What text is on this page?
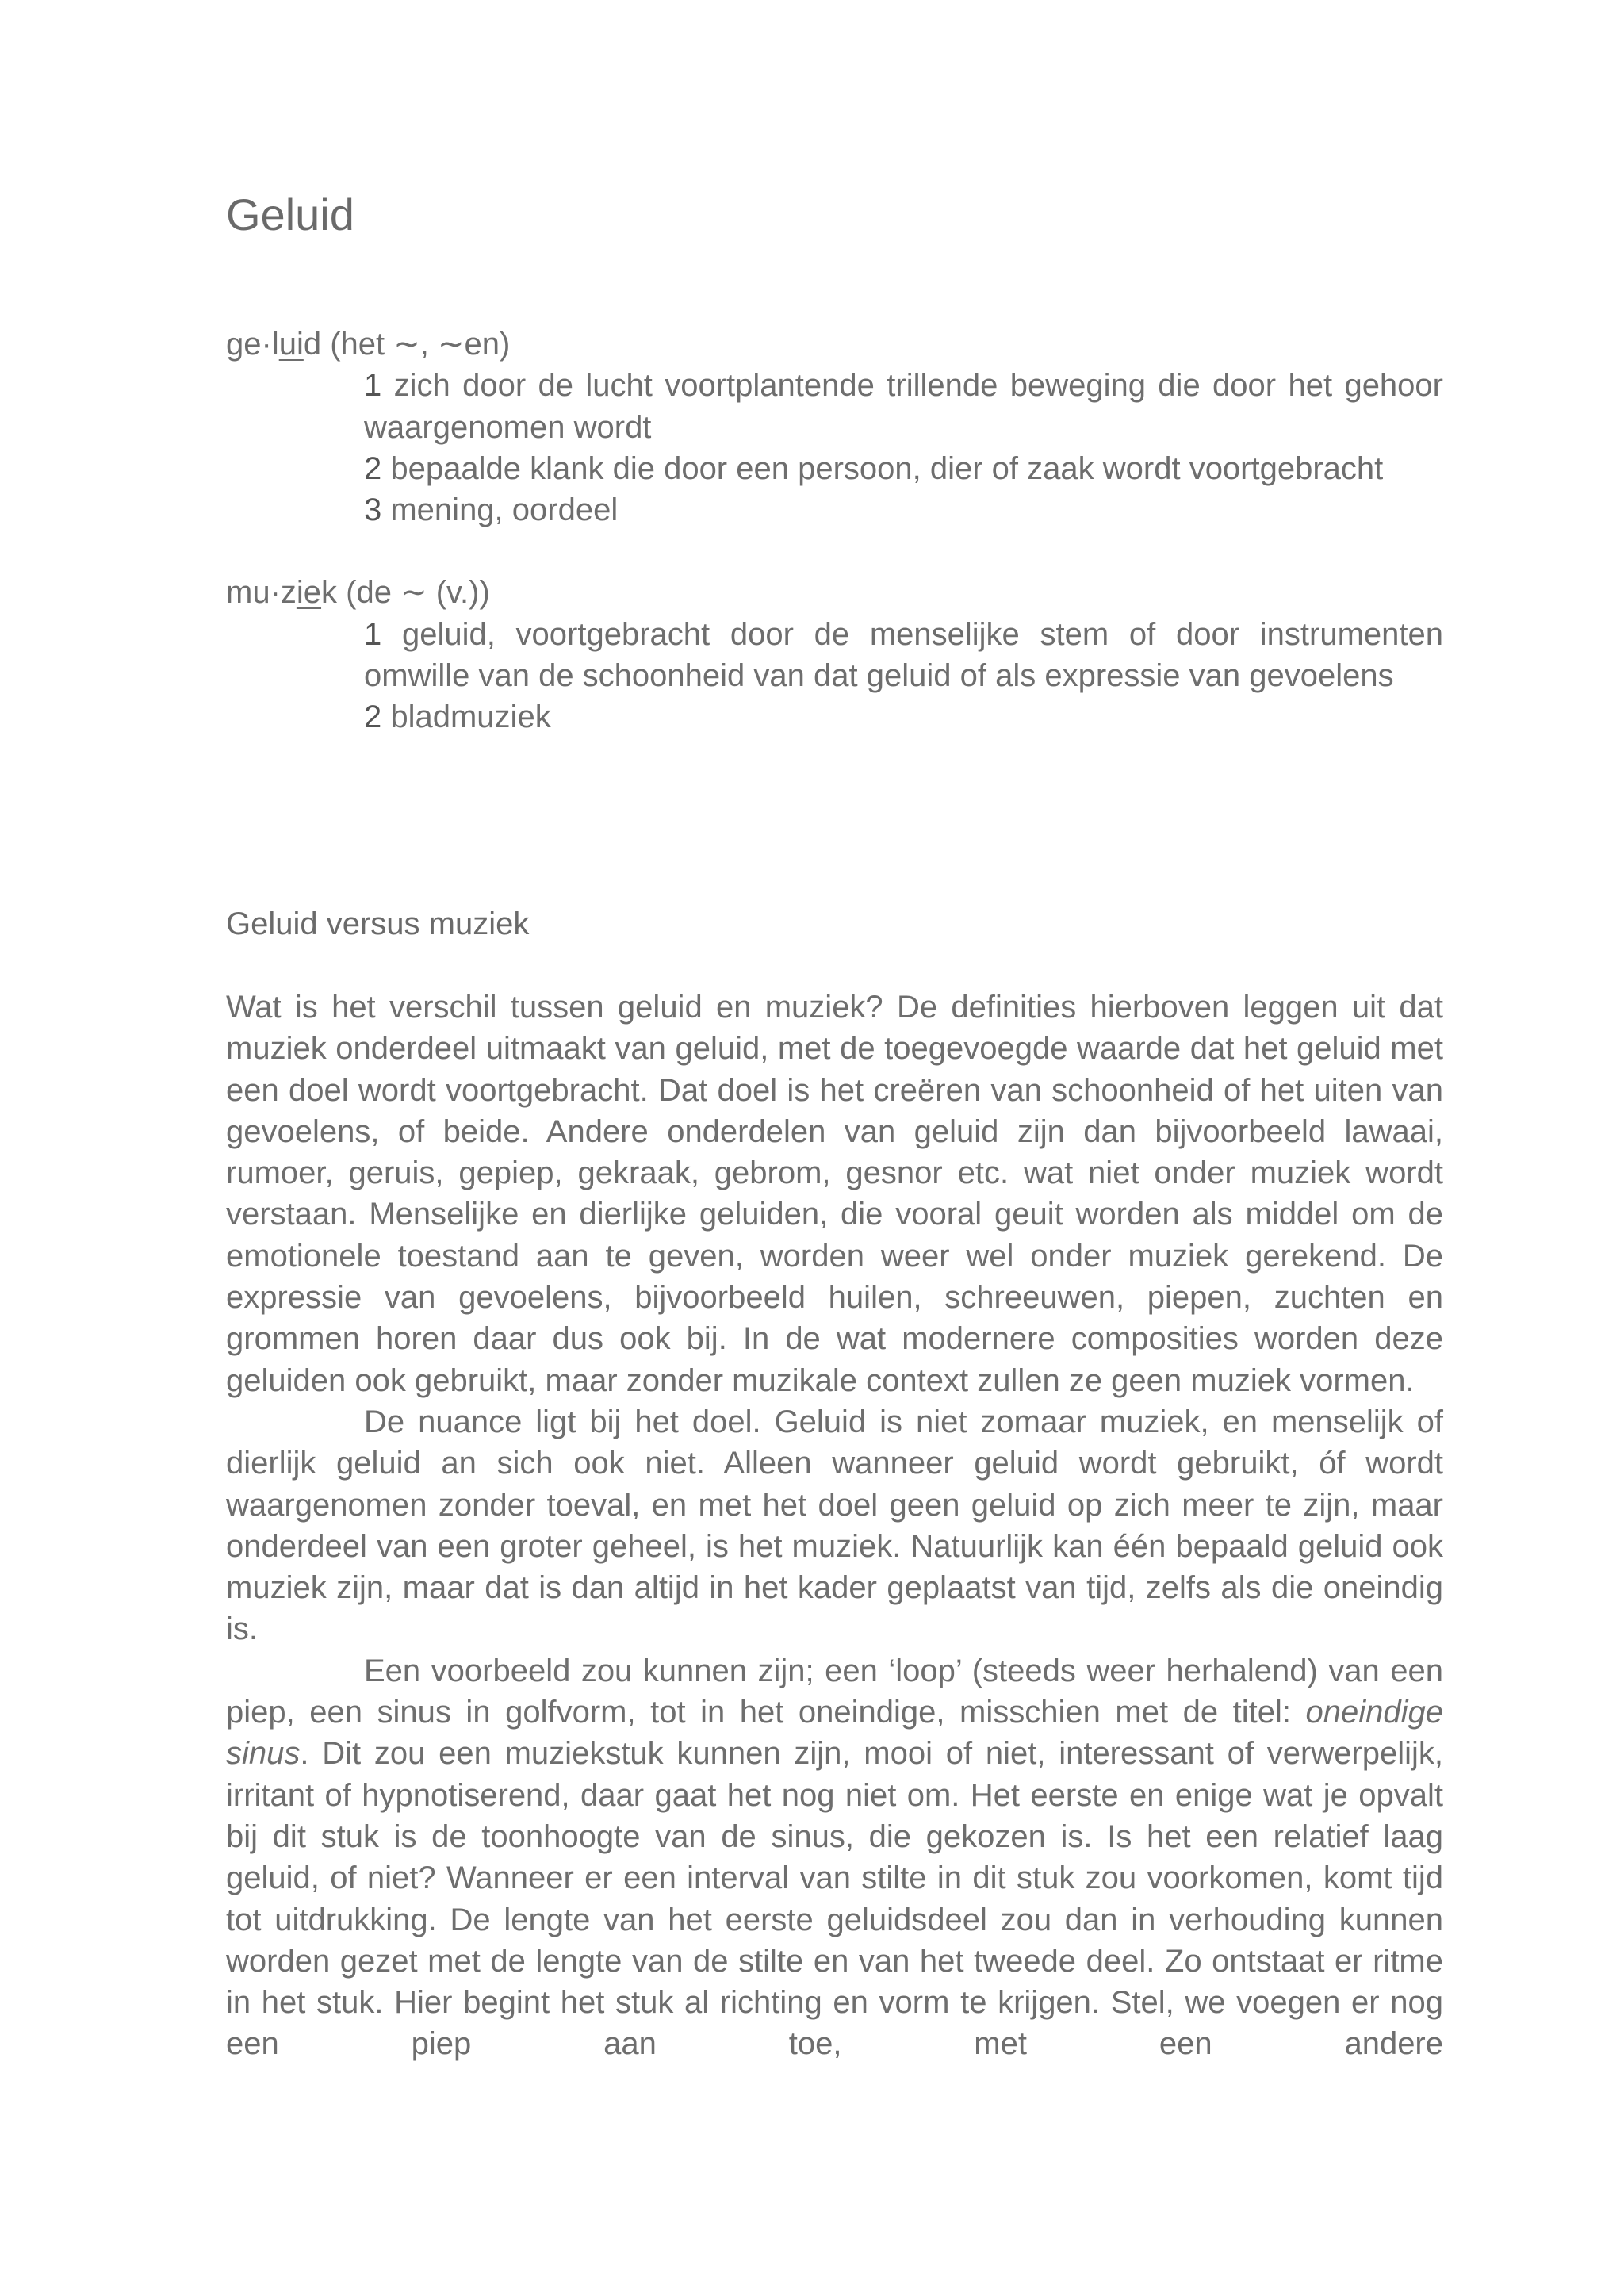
Geluid
ge·luid (het ∼, ∼en)
1 zich door de lucht voortplantende trillende beweging die door het gehoor waargenomen wordt
2 bepaalde klank die door een persoon, dier of zaak wordt voortgebracht
3 mening, oordeel
mu·ziek (de ∼ (v.))
1 geluid, voortgebracht door de menselijke stem of door instrumenten omwille van de schoonheid van dat geluid of als expressie van gevoelens
2 bladmuziek
Geluid versus muziek

Wat is het verschil tussen geluid en muziek? De definities hierboven leggen uit dat muziek onderdeel uitmaakt van geluid, met de toegevoegde waarde dat het geluid met een doel wordt voortgebracht. Dat doel is het creëren van schoonheid of het uiten van gevoelens, of beide. Andere onderdelen van geluid zijn dan bijvoorbeeld lawaai, rumoer, geruis, gepiep, gekraak, gebrom, gesnor etc. wat niet onder muziek wordt verstaan. Menselijke en dierlijke geluiden, die vooral geuit worden als middel om de emotionele toestand aan te geven, worden weer wel onder muziek gerekend. De expressie van gevoelens, bijvoorbeeld huilen, schreeuwen, piepen, zuchten en grommen horen daar dus ook bij. In de wat modernere composities worden deze geluiden ook gebruikt, maar zonder muzikale context zullen ze geen muziek vormen.

De nuance ligt bij het doel. Geluid is niet zomaar muziek, en menselijk of dierlijk geluid an sich ook niet. Alleen wanneer geluid wordt gebruikt, óf wordt waargenomen zonder toeval, en met het doel geen geluid op zich meer te zijn, maar onderdeel van een groter geheel, is het muziek. Natuurlijk kan één bepaald geluid ook muziek zijn, maar dat is dan altijd in het kader geplaatst van tijd, zelfs als die oneindig is.

Een voorbeeld zou kunnen zijn; een ‘loop’ (steeds weer herhalend) van een piep, een sinus in golfvorm, tot in het oneindige, misschien met de titel: oneindige sinus. Dit zou een muziekstuk kunnen zijn, mooi of niet, interessant of verwerpelijk, irritant of hypnotiserend, daar gaat het nog niet om. Het eerste en enige wat je opvalt bij dit stuk is de toonhoogte van de sinus, die gekozen is. Is het een relatief laag geluid, of niet? Wanneer er een interval van stilte in dit stuk zou voorkomen, komt tijd tot uitdrukking. De lengte van het eerste geluidsdeel zou dan in verhouding kunnen worden gezet met de lengte van de stilte en van het tweede deel. Zo ontstaat er ritme in het stuk. Hier begint het stuk al richting en vorm te krijgen. Stel, we voegen er nog een piep aan toe, met een andere
